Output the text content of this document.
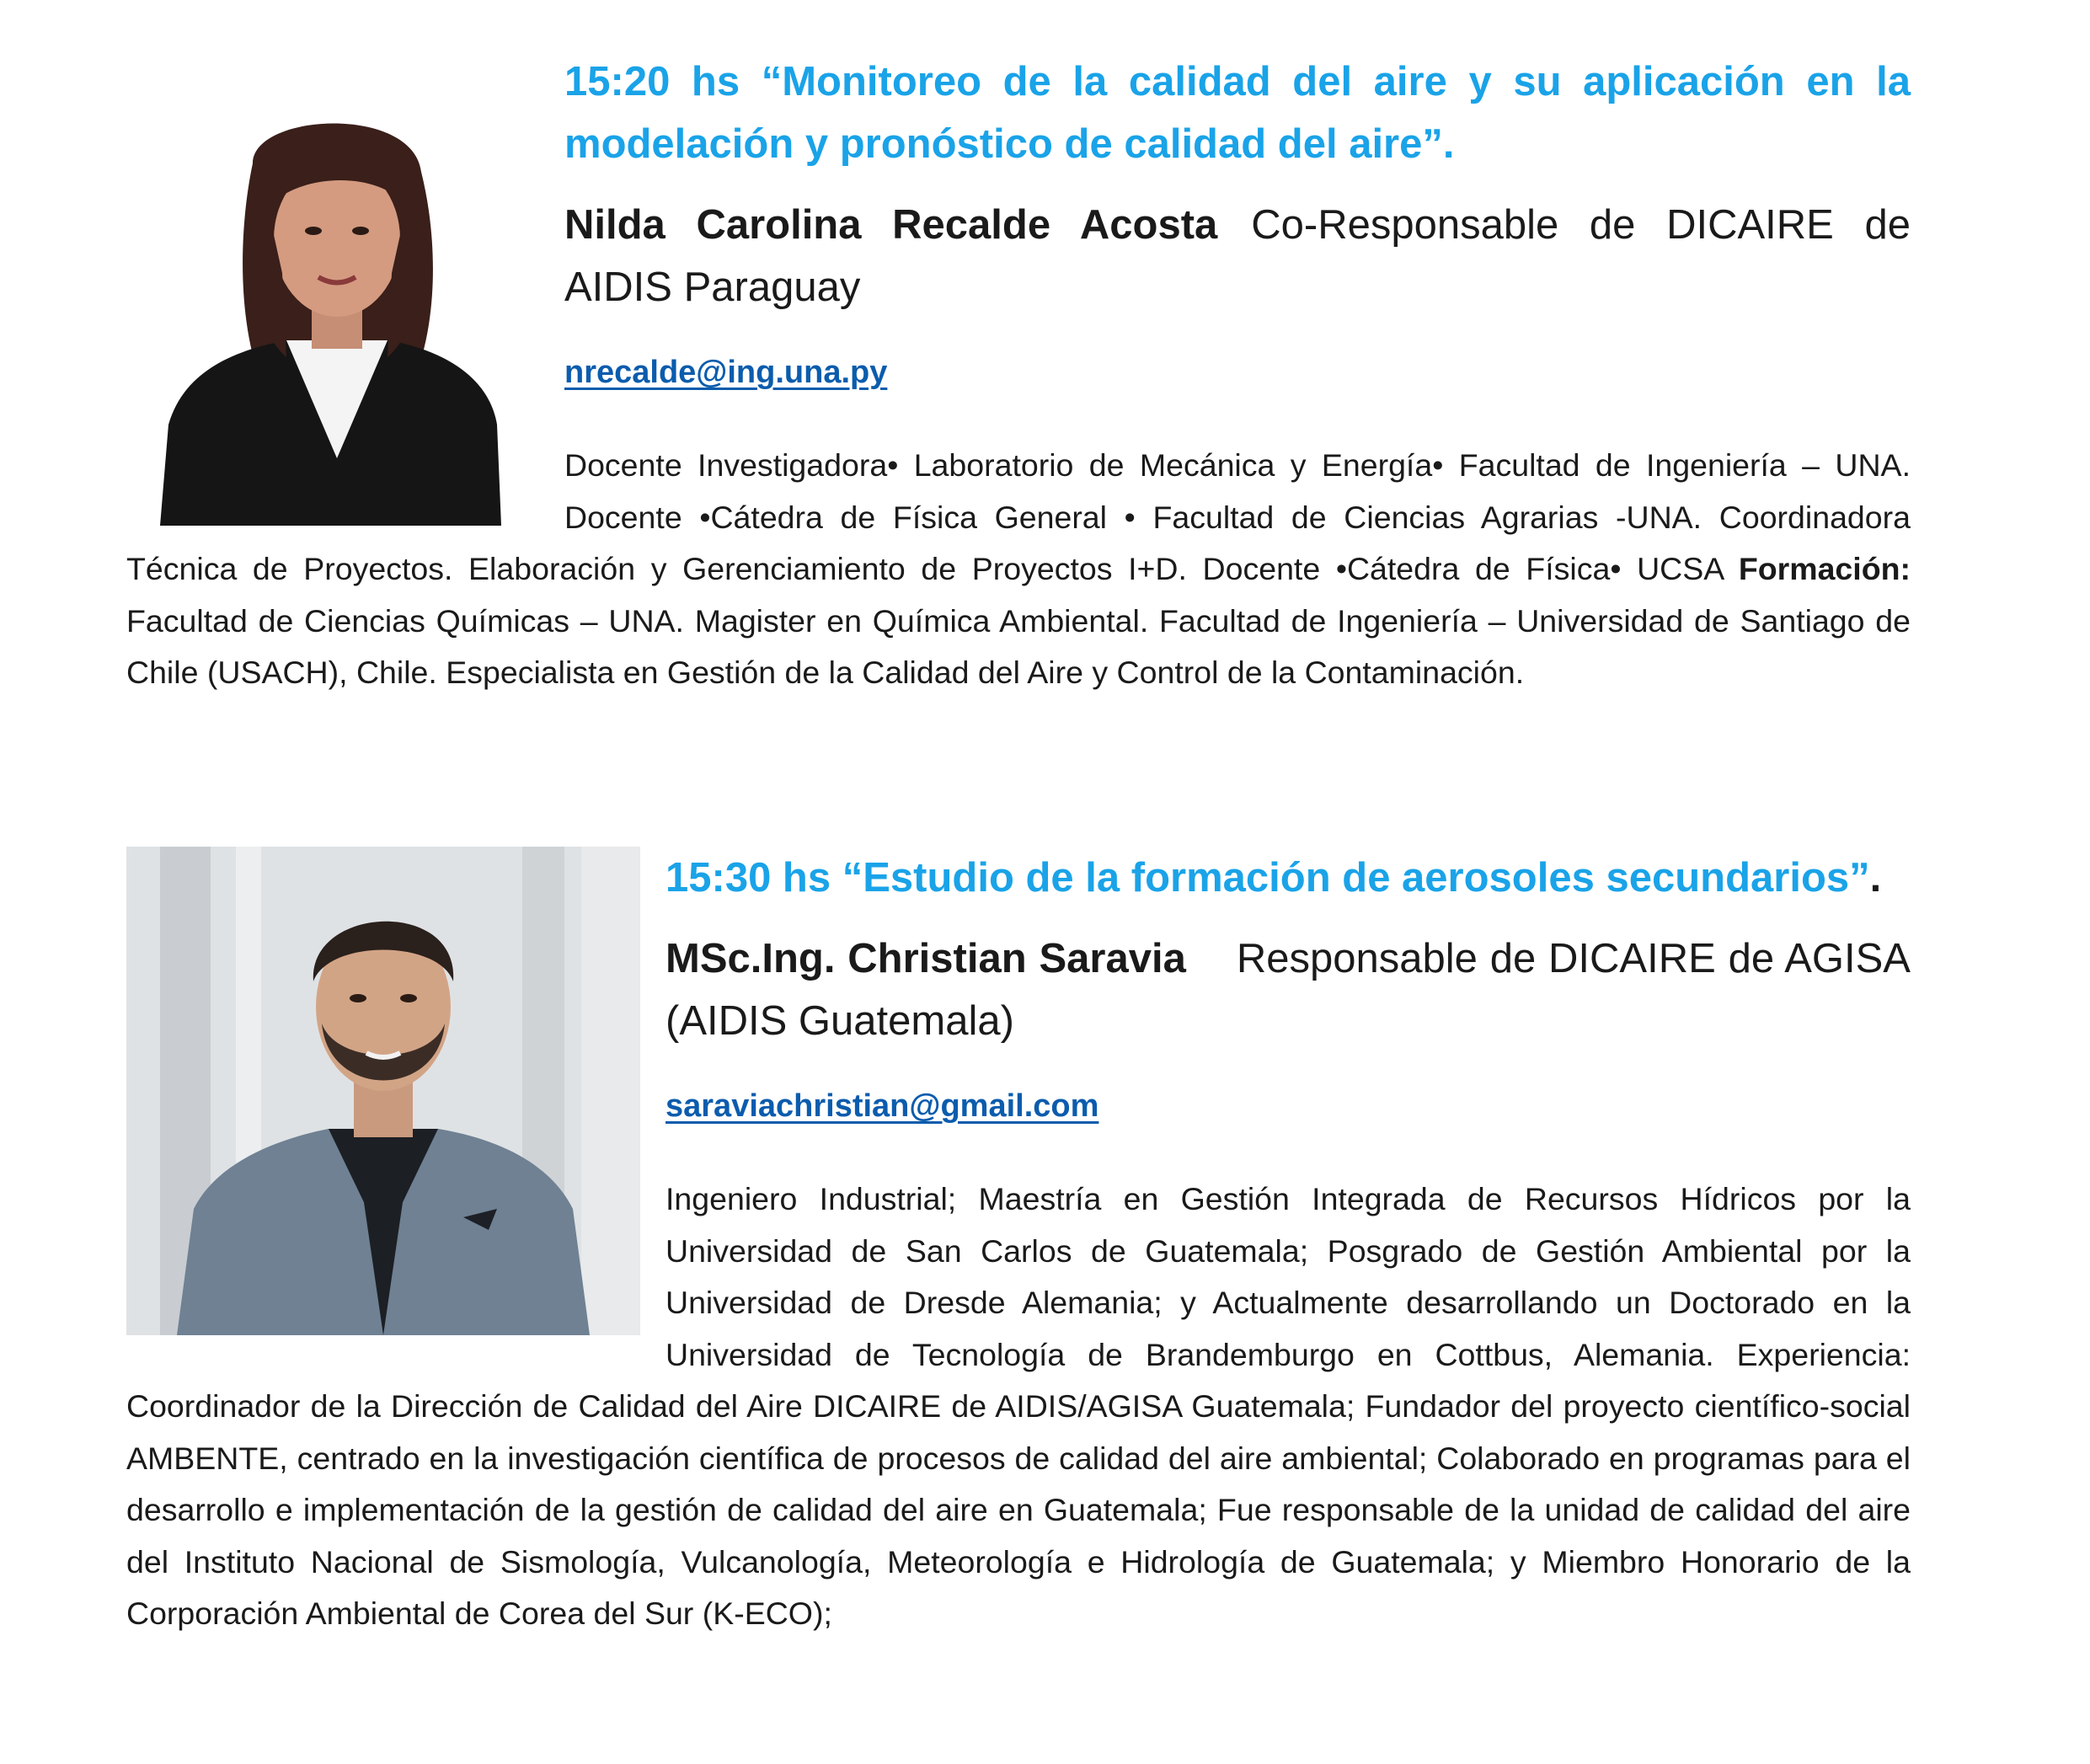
15:20 hs “Monitoreo de la calidad del aire y su aplicación en la modelación y pronóstico de calidad del aire”.

Nilda Carolina Recalde Acosta Co-Responsable de DICAIRE de AIDIS Paraguay

nrecalde@ing.una.py

Docente Investigadora• Laboratorio de Mecánica y Energía• Facultad de Ingeniería – UNA. Docente •Cátedra de Física General • Facultad de Ciencias Agrarias -UNA. Coordinadora Técnica de Proyectos. Elaboración y Gerenciamiento de Proyectos I+D. Docente •Cátedra de Física• UCSA Formación: Facultad de Ciencias Químicas – UNA. Magister en Química Ambiental. Facultad de Ingeniería – Universidad de Santiago de Chile (USACH), Chile. Especialista en Gestión de la Calidad del Aire y Control de la Contaminación.

15:30 hs “Estudio de la formación de aerosoles secundarios”.

MSc.Ing. Christian Saravia Responsable de DICAIRE de AGISA (AIDIS Guatemala)

saraviachristian@gmail.com

Ingeniero Industrial; Maestría en Gestión Integrada de Recursos Hídricos por la Universidad de San Carlos de Guatemala; Posgrado de Gestión Ambiental por la Universidad de Dresde Alemania; y Actualmente desarrollando un Doctorado en la Universidad de Tecnología de Brandemburgo en Cottbus, Alemania. Experiencia: Coordinador de la Dirección de Calidad del Aire DICAIRE de AIDIS/AGISA Guatemala; Fundador del proyecto científico-social AMBENTE, centrado en la investigación científica de procesos de calidad del aire ambiental; Colaborado en programas para el desarrollo e implementación de la gestión de calidad del aire en Guatemala; Fue responsable de la unidad de calidad del aire del Instituto Nacional de Sismología, Vulcanología, Meteorología e Hidrología de Guatemala; y Miembro Honorario de la Corporación Ambiental de Corea del Sur (K-ECO);
